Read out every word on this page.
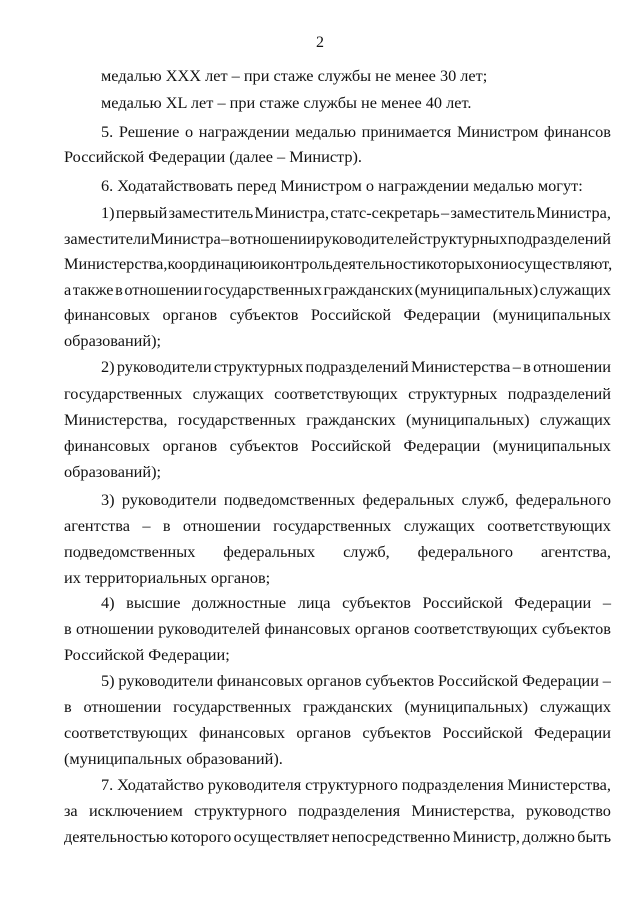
2
медалью XXX лет – при стаже службы не менее 30 лет;
медалью XL лет – при стаже службы не менее 40 лет.
5. Решение о награждении медалью принимается Министром финансов
Российской Федерации (далее – Министр).
6. Ходатайствовать перед Министром о награждении медалью могут:
1) первый заместитель Министра, статс-секретарь – заместитель Министра,
заместители Министра – в отношении руководителей структурных подразделений
Министерства, координацию и контроль деятельности которых они осуществляют,
а также в отношении государственных гражданских (муниципальных) служащих
финансовых органов субъектов Российской Федерации (муниципальных
образований);
2) руководители структурных подразделений Министерства – в отношении
государственных служащих соответствующих структурных подразделений
Министерства, государственных гражданских (муниципальных) служащих
финансовых органов субъектов Российской Федерации (муниципальных
образований);
3) руководители подведомственных федеральных служб, федерального
агентства – в отношении государственных служащих соответствующих
подведомственных федеральных служб, федерального агентства,
их территориальных органов;
4) высшие должностные лица субъектов Российской Федерации –
в отношении руководителей финансовых органов соответствующих субъектов
Российской Федерации;
5) руководители финансовых органов субъектов Российской Федерации –
в отношении государственных гражданских (муниципальных) служащих
соответствующих финансовых органов субъектов Российской Федерации
(муниципальных образований).
7. Ходатайство руководителя структурного подразделения Министерства,
за исключением структурного подразделения Министерства, руководство
деятельностью которого осуществляет непосредственно Министр, должно быть
